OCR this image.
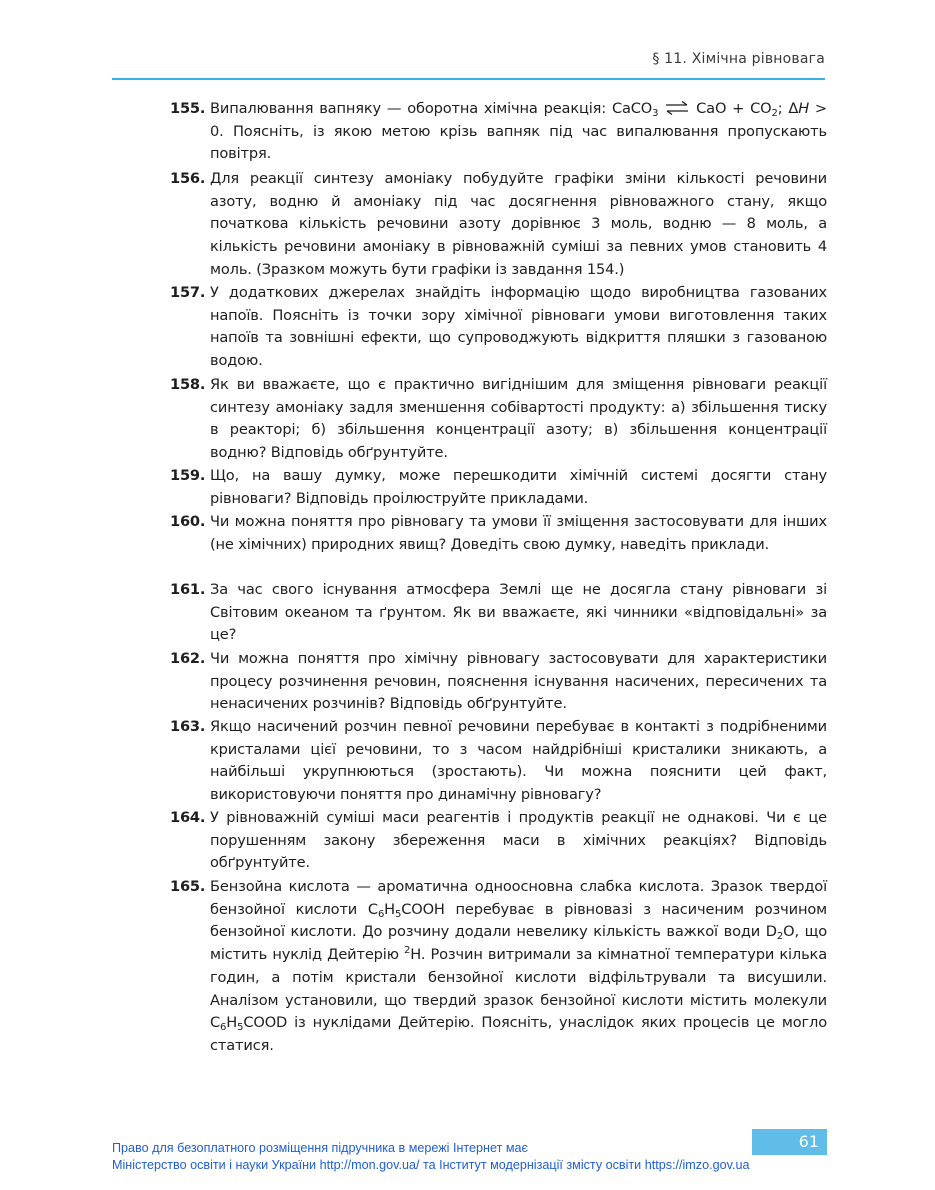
§ 11. Хімічна рівновага
155. Випалювання вапняку — оборотна хімічна реакція: CaCO$_3$ ⇌ CaO + $CO_2$; ΔH > 0. Поясніть, із якою метою крізь вапняк під час випалювання пропускають повітря.
156. Для реакції синтезу амоніаку побудуйте графіки зміни кількості речовини азоту, водню й амоніаку під час досягнення рівноважного стану, якщо початкова кількість речовини азоту дорівнює 3 моль, водню — 8 моль, а кількість речовини амоніаку в рівноважній суміші за певних умов становить 4 моль. (Зразком можуть бути графіки із завдання 154.)
157. У додаткових джерелах знайдіть інформацію щодо виробництва газованих напоїв. Поясніть із точки зору хімічної рівноваги умови виготовлення таких напоїв та зовнішні ефекти, що супроводжують відкриття пляшки з газованою водою.
158. Як ви вважаєте, що є практично вигіднішим для зміщення рівноваги реакції синтезу амоніаку задля зменшення собівартості продукту: а) збільшення тиску в реакторі; б) збільшення концентрації азоту; в) збільшення концентрації водню? Відповідь обґрунтуйте.
159. Що, на вашу думку, може перешкодити хімічній системі досягти стану рівноваги? Відповідь проілюструйте прикладами.
160. Чи можна поняття про рівновагу та умови її зміщення застосовувати для інших (не хімічних) природних явищ? Доведіть свою думку, наведіть приклади.
161. За час свого існування атмосфера Землі ще не досягла стану рівноваги зі Світовим океаном та ґрунтом. Як ви вважаєте, які чинники «відповідальні» за це?
162. Чи можна поняття про хімічну рівновагу застосовувати для характеристики процесу розчинення речовин, пояснення існування насичених, пересичених та ненасичених розчинів? Відповідь обґрунтуйте.
163. Якщо насичений розчин певної речовини перебуває в контакті з подрібненими кристалами цієї речовини, то з часом найдрібніші кристалики зникають, а найбільші укрупнюються (зростають). Чи можна пояснити цей факт, використовуючи поняття про динамічну рівновагу?
164. У рівноважній суміші маси реагентів і продуктів реакції не однакові. Чи є це порушенням закону збереження маси в хімічних реакціях? Відповідь обґрунтуйте.
165. Бензойна кислота — ароматична одноосновна слабка кислота. Зразок твердої бензойної кислоти $C_6H_5COOH$ перебуває в рівновазі з насиченим розчином бензойної кислоти. До розчину додали невелику кількість важкої води $D_2O$, що містить нуклід Дейтерію $^2$H. Розчин витримали за кімнатної температури кілька годин, а потім кристали бензойної кислоти відфільтрували та висушили. Аналізом установили, що твердий зразок бензойної кислоти містить молекули $C_6H_5COOD$ із нуклідами Дейтерію. Поясніть, унаслідок яких процесів це могло статися.
61
Право для безоплатного розміщення підручника в мережі Інтернет має
Міністерство освіти і науки України http://mon.gov.ua/ та Інститут модернізації змісту освіти https://imzo.gov.ua
